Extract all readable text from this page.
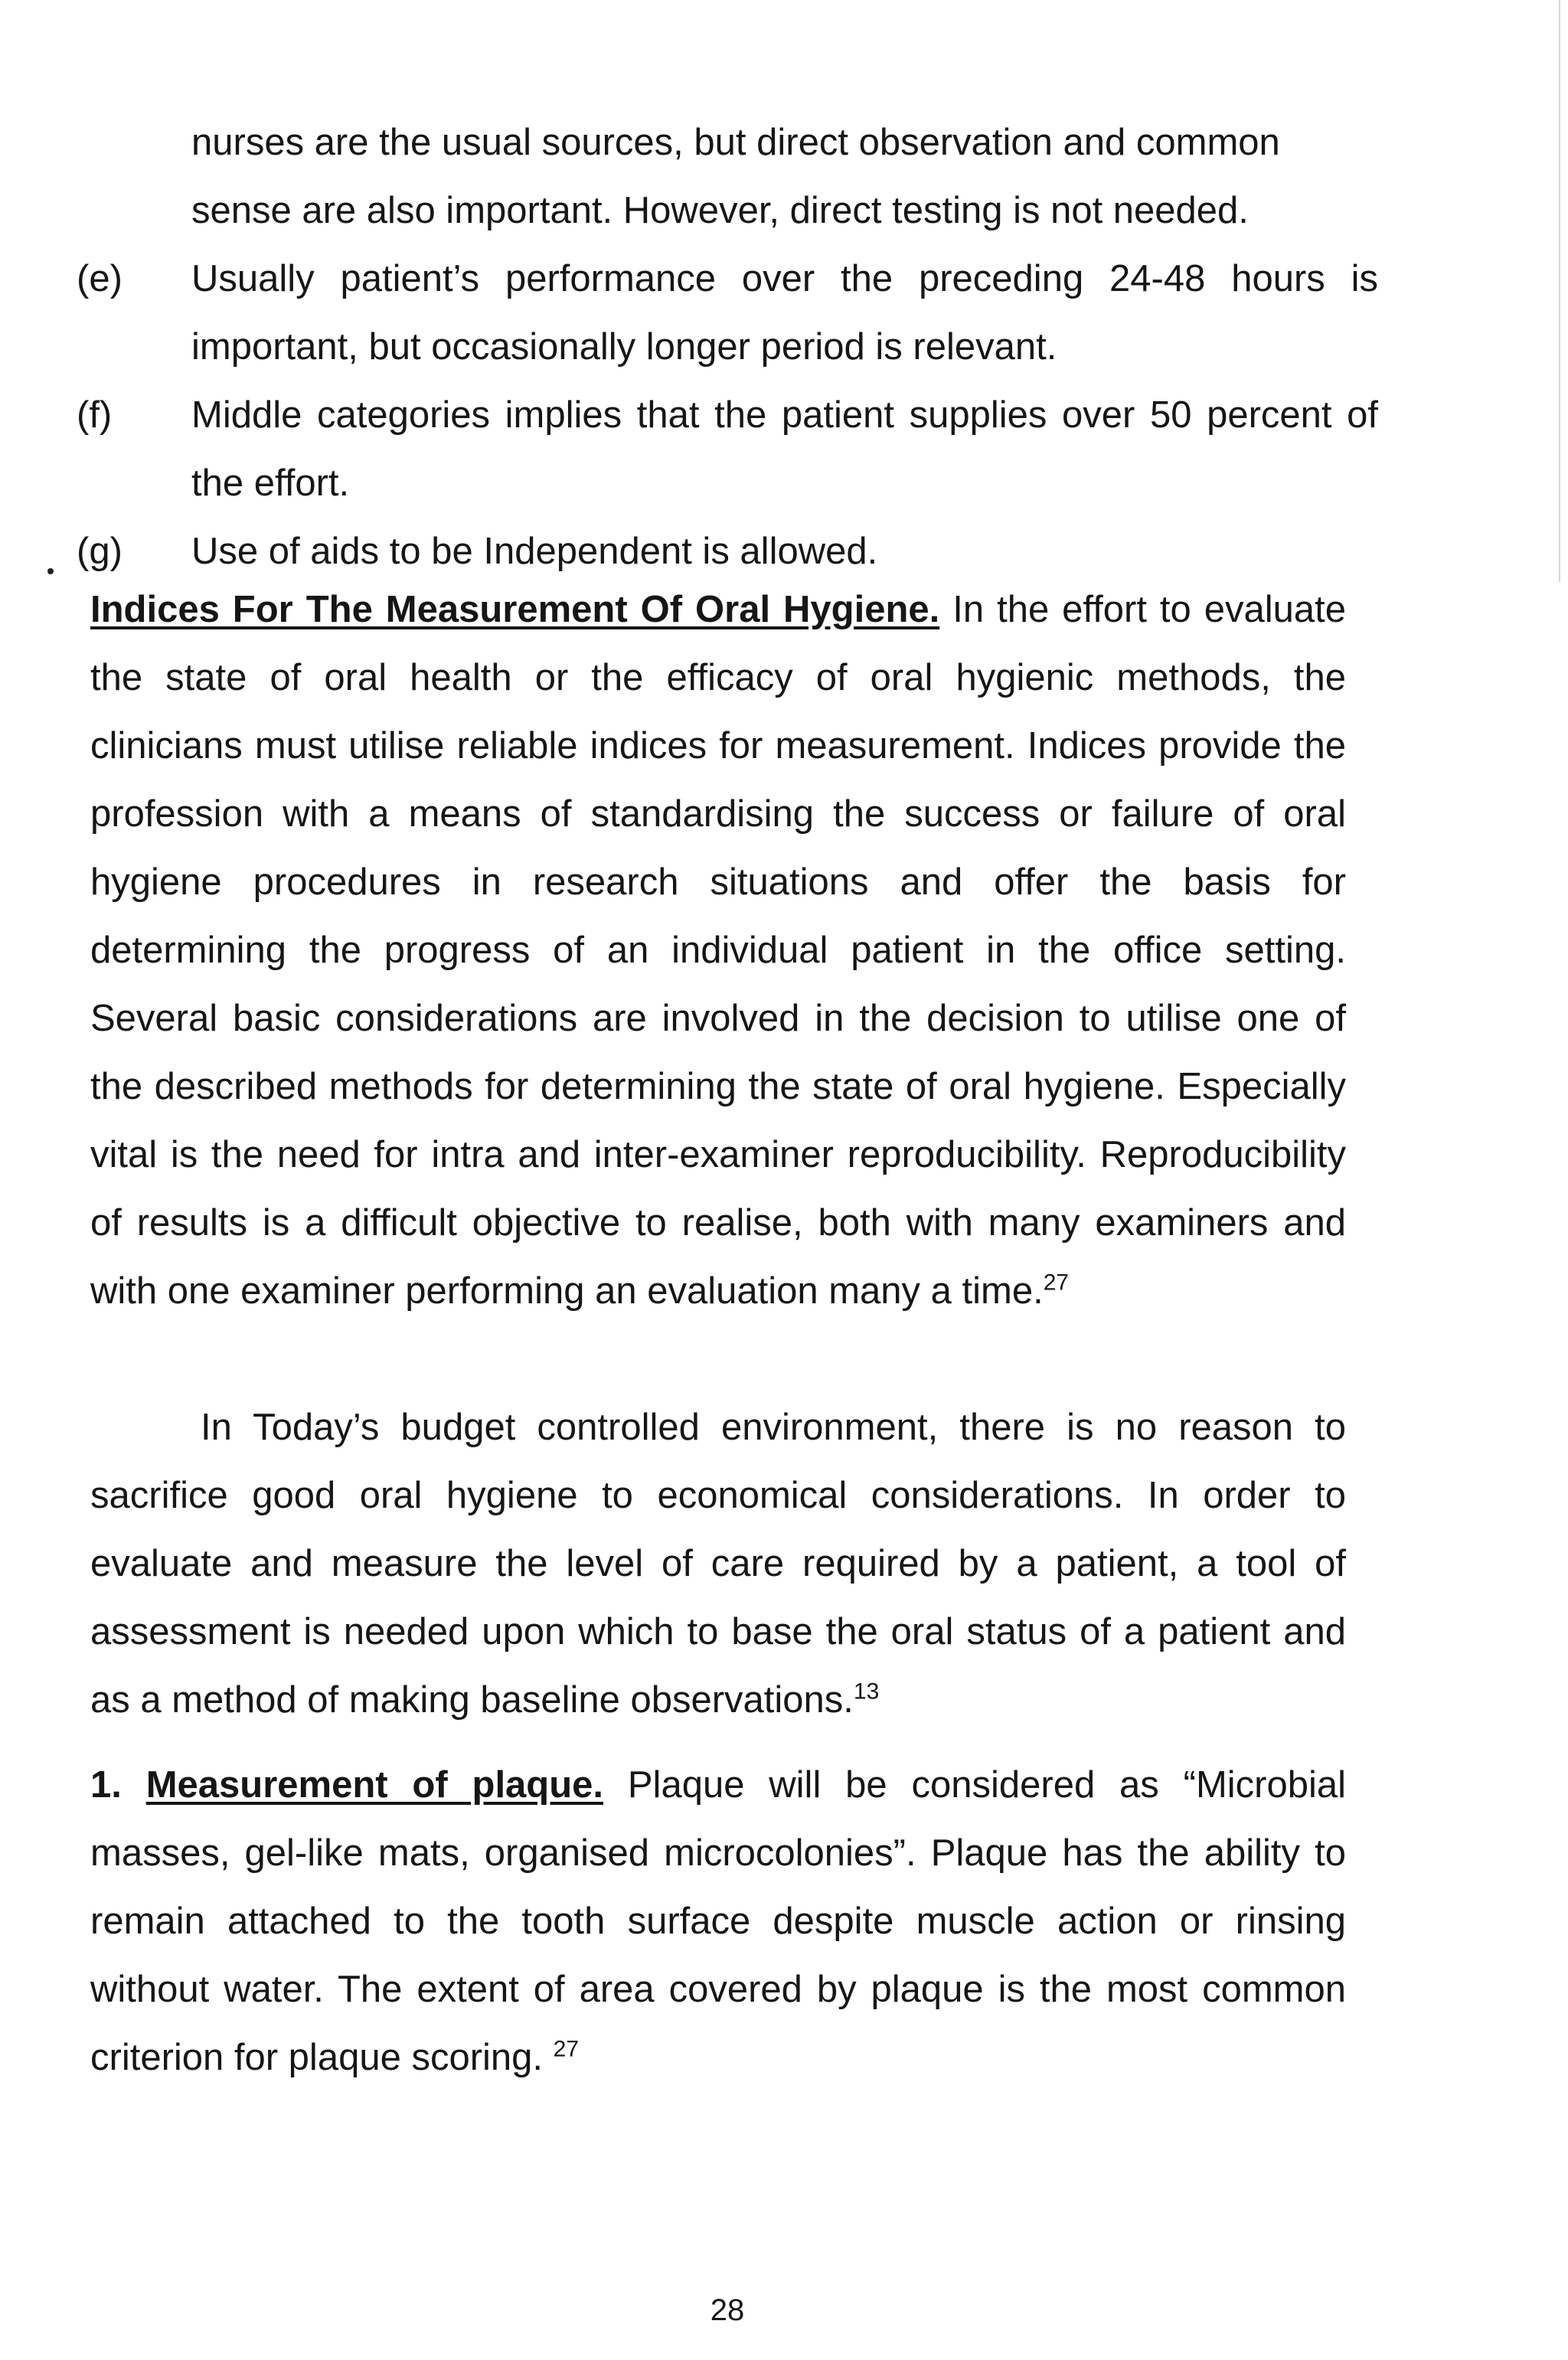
nurses are the usual sources, but direct observation and common sense are also important. However, direct testing is not needed.
(e)	Usually patient’s performance over the preceding 24-48 hours is important, but occasionally longer period is relevant.
(f)	Middle categories implies that the patient supplies over 50 percent of the effort.
(g)	Use of aids to be Independent is allowed.
Indices For The Measurement Of Oral Hygiene. In the effort to evaluate the state of oral health or the efficacy of oral hygienic methods, the clinicians must utilise reliable indices for measurement. Indices provide the profession with a means of standardising the success or failure of oral hygiene procedures in research situations and offer the basis for determining the progress of an individual patient in the office setting. Several basic considerations are involved in the decision to utilise one of the described methods for determining the state of oral hygiene. Especially vital is the need for intra and inter-examiner reproducibility. Reproducibility of results is a difficult objective to realise, both with many examiners and with one examiner performing an evaluation many a time.$^{27}$
In Today’s budget controlled environment, there is no reason to sacrifice good oral hygiene to economical considerations. In order to evaluate and measure the level of care required by a patient, a tool of assessment is needed upon which to base the oral status of a patient and as a method of making baseline observations.$^{13}$
1. Measurement of plaque. Plaque will be considered as “Microbial masses, gel-like mats, organised microcolonies”. Plaque has the ability to remain attached to the tooth surface despite muscle action or rinsing without water. The extent of area covered by plaque is the most common criterion for plaque scoring. $^{27}$
28
